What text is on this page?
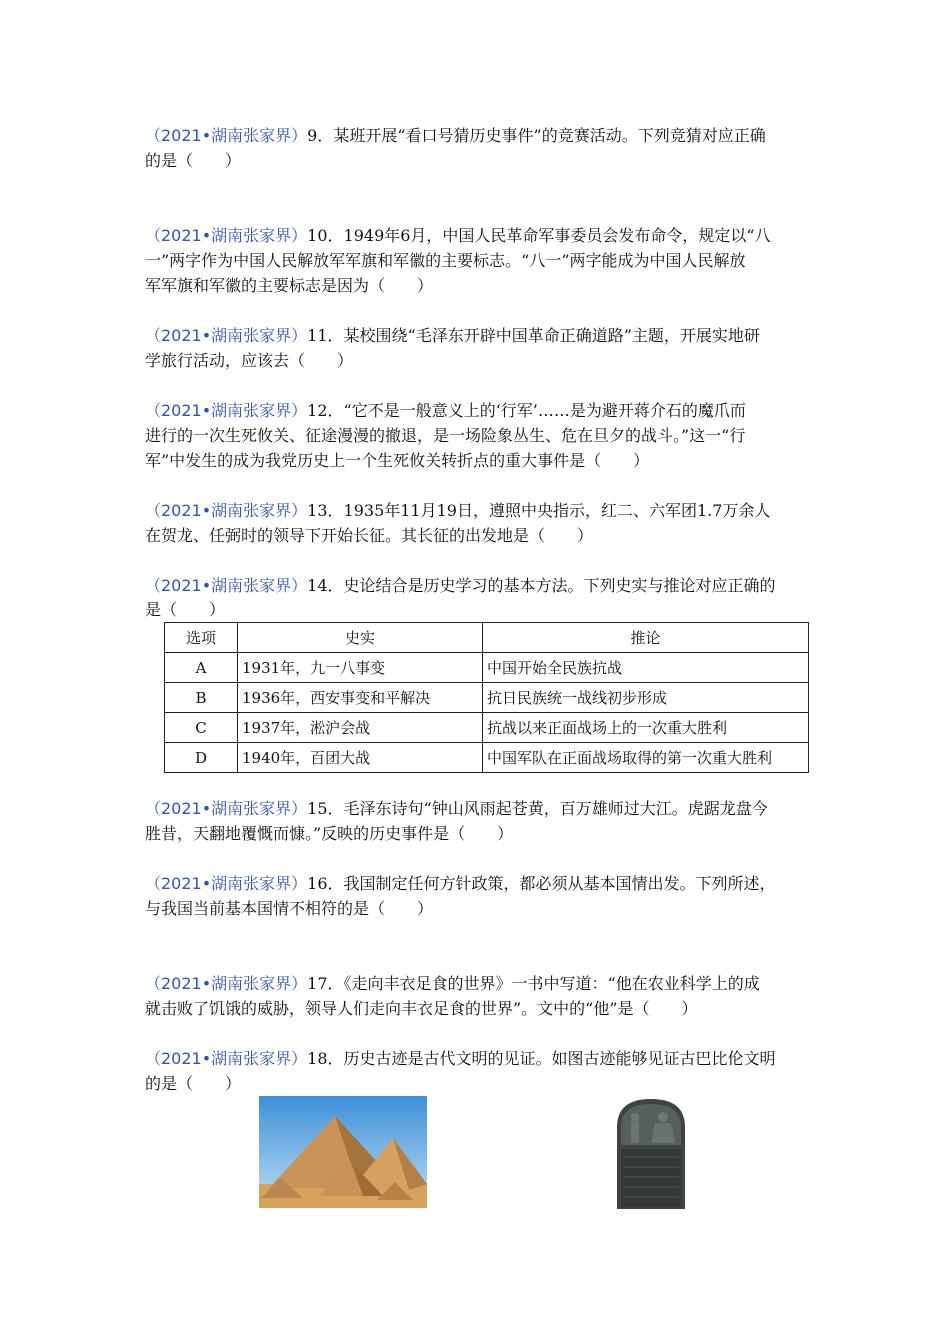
（2021•湖南张家界）9．某班开展“看口号猜历史事件”的竞赛活动。下列竞猜对应正确
的是（　　）
（2021•湖南张家界）10．1949年6月，中国人民革命军事委员会发布命令，规定以“八
一”两字作为中国人民解放军军旗和军徽的主要标志。“八一”两字能成为中国人民解放
军军旗和军徽的主要标志是因为（　　）
（2021•湖南张家界）11．某校围绕“毛泽东开辟中国革命正确道路”主题，开展实地研
学旅行活动，应该去（　　）
（2021•湖南张家界）12．“它不是一般意义上的‘行军’……是为避开蒋介石的魔爪而
进行的一次生死攸关、征途漫漫的撤退，是一场险象丛生、危在旦夕的战斗。”这一“行
军”中发生的成为我党历史上一个生死攸关转折点的重大事件是（　　）
（2021•湖南张家界）13．1935年11月19日，遵照中央指示，红二、六军团1.7万余人
在贺龙、任弼时的领导下开始长征。其长征的出发地是（　　）
（2021•湖南张家界）14．史论结合是历史学习的基本方法。下列史实与推论对应正确的
是（　　）
选项	史实	推论
A	1931年，九一八事变	中国开始全民族抗战
B	1936年，西安事变和平解决	抗日民族统一战线初步形成
C	1937年，淞沪会战	抗战以来正面战场上的一次重大胜利
D	1940年，百团大战	中国军队在正面战场取得的第一次重大胜利
（2021•湖南张家界）15．毛泽东诗句“钟山风雨起苍黄，百万雄师过大江。虎踞龙盘今
胜昔，天翻地覆慨而慷。”反映的历史事件是（　　）
（2021•湖南张家界）16．我国制定任何方针政策，都必须从基本国情出发。下列所述，
与我国当前基本国情不相符的是（　　）
（2021•湖南张家界）17．《走向丰衣足食的世界》一书中写道：“他在农业科学上的成
就击败了饥饿的威胁，领导人们走向丰衣足食的世界”。文中的“他”是（　　）
（2021•湖南张家界）18．历史古迹是古代文明的见证。如图古迹能够见证古巴比伦文明
的是（　　）
